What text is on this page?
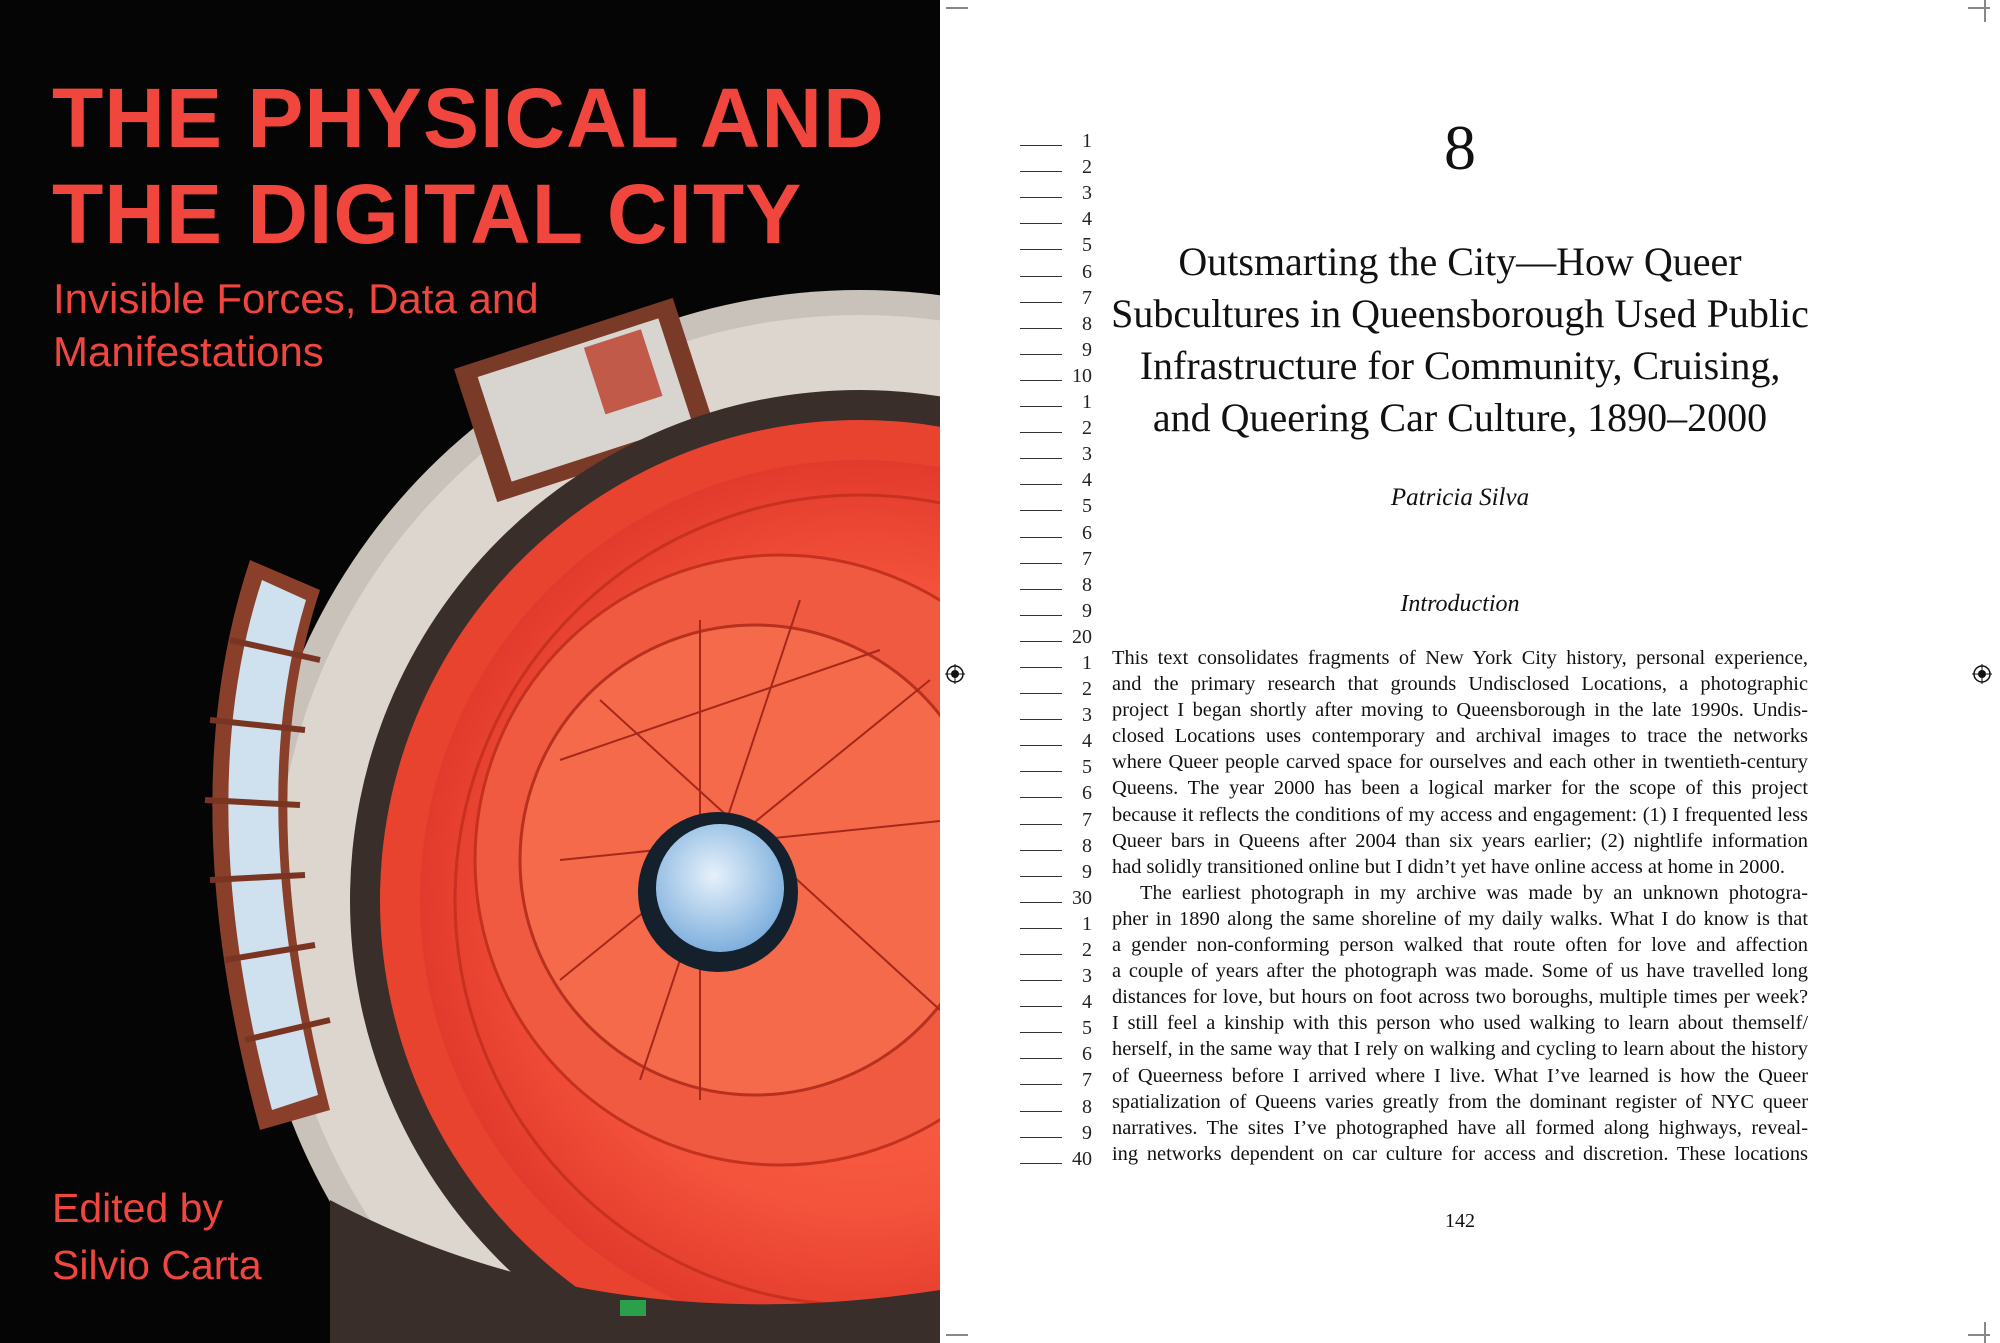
THE PHYSICAL AND
THE DIGITAL CITY
Invisible Forces, Data and Manifestations
Edited by
Silvio Carta
1
2
3
4
5
6
7
8
9
10
1
2
3
4
5
6
7
8
9
20
1
2
3
4
5
6
7
8
9
30
1
2
3
4
5
6
7
8
9
40
8
Outsmarting the City—How Queer
Subcultures in Queensborough Used Public
Infrastructure for Community, Cruising,
and Queering Car Culture, 1890–2000
Patricia Silva
Introduction
This text consolidates fragments of New York City history, personal experience,
and the primary research that grounds Undisclosed Locations, a photographic
project I began shortly after moving to Queensborough in the late 1990s. Undis-
closed Locations uses contemporary and archival images to trace the networks
where Queer people carved space for ourselves and each other in twentieth-century
Queens. The year 2000 has been a logical marker for the scope of this project
because it reflects the conditions of my access and engagement: (1) I frequented less
Queer bars in Queens after 2004 than six years earlier; (2) nightlife information
had solidly transitioned online but I didn’t yet have online access at home in 2000.
The earliest photograph in my archive was made by an unknown photogra-
pher in 1890 along the same shoreline of my daily walks. What I do know is that
a gender non-conforming person walked that route often for love and affection
a couple of years after the photograph was made. Some of us have travelled long
distances for love, but hours on foot across two boroughs, multiple times per week?
I still feel a kinship with this person who used walking to learn about themself/
herself, in the same way that I rely on walking and cycling to learn about the history
of Queerness before I arrived where I live. What I’ve learned is how the Queer
spatialization of Queens varies greatly from the dominant register of NYC queer
narratives. The sites I’ve photographed have all formed along highways, reveal-
ing networks dependent on car culture for access and discretion. These locations
142
